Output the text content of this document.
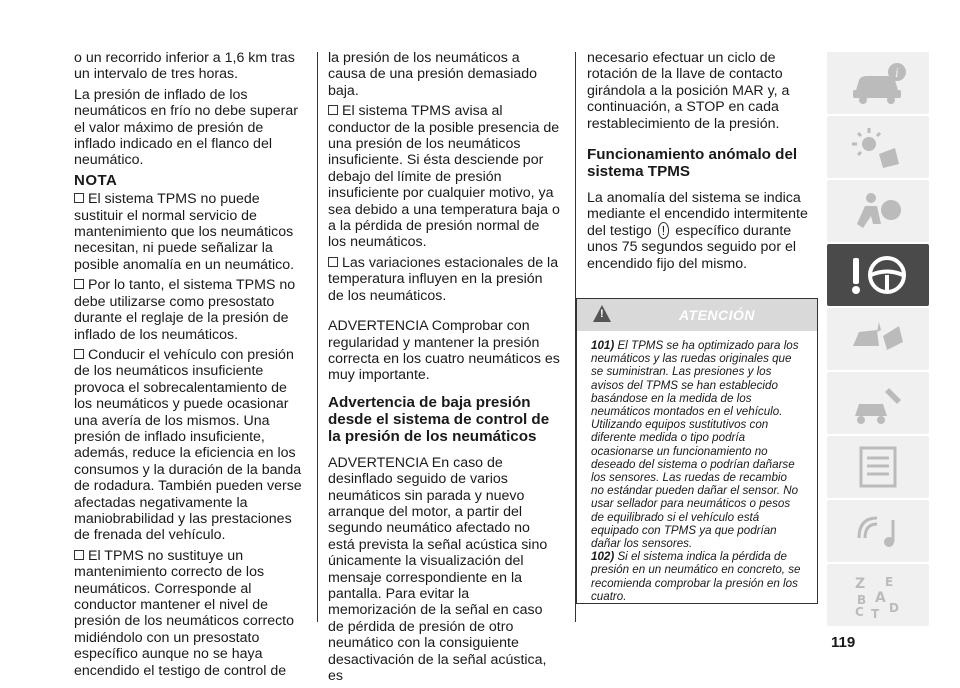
o un recorrido inferior a 1,6 km tras un intervalo de tres horas.

La presión de inflado de los neumáticos en frío no debe superar el valor máximo de presión de inflado indicado en el flanco del neumático.

NOTA

El sistema TPMS no puede sustituir el normal servicio de mantenimiento que los neumáticos necesitan, ni puede señalizar la posible anomalía en un neumático.

Por lo tanto, el sistema TPMS no debe utilizarse como presostato durante el reglaje de la presión de inflado de los neumáticos.

Conducir el vehículo con presión de los neumáticos insuficiente provoca el sobrecalentamiento de los neumáticos y puede ocasionar una avería de los mismos. Una presión de inflado insuficiente, además, reduce la eficiencia en los consumos y la duración de la banda de rodadura. También pueden verse afectadas negativamente la maniobrabilidad y las prestaciones de frenada del vehículo.

El TPMS no sustituye un mantenimiento correcto de los neumáticos. Corresponde al conductor mantener el nivel de presión de los neumáticos correcto midiéndolo con un presostato específico aunque no se haya encendido el testigo de control de

la presión de los neumáticos a causa de una presión demasiado baja.

El sistema TPMS avisa al conductor de la posible presencia de una presión de los neumáticos insuficiente. Si ésta desciende por debajo del límite de presión insuficiente por cualquier motivo, ya sea debido a una temperatura baja o a la pérdida de presión normal de los neumáticos.

Las variaciones estacionales de la temperatura influyen en la presión de los neumáticos.

ADVERTENCIA Comprobar con regularidad y mantener la presión correcta en los cuatro neumáticos es muy importante.

Advertencia de baja presión desde el sistema de control de la presión de los neumáticos

ADVERTENCIA En caso de desinflado seguido de varios neumáticos sin parada y nuevo arranque del motor, a partir del segundo neumático afectado no está prevista la señal acústica sino únicamente la visualización del mensaje correspondiente en la pantalla. Para evitar la memorización de la señal en caso de pérdida de presión de otro neumático con la consiguiente desactivación de la señal acústica, es

necesario efectuar un ciclo de rotación de la llave de contacto girándola a la posición MAR y, a continuación, a STOP en cada restablecimiento de la presión.

Funcionamiento anómalo del sistema TPMS

La anomalía del sistema se indica mediante el encendido intermitente del testigo ! específico durante unos 75 segundos seguido por el encendido fijo del mismo.

!	ATENCIÓN

101) El TPMS se ha optimizado para los neumáticos y las ruedas originales que se suministran. Las presiones y los avisos del TPMS se han establecido basándose en la medida de los neumáticos montados en el vehículo. Utilizando equipos sustitutivos con diferente medida o tipo podría ocasionarse un funcionamiento no deseado del sistema o podrían dañarse los sensores. Las ruedas de recambio no estándar pueden dañar el sensor. No usar sellador para neumáticos o pesos de equilibrado si el vehículo está equipado con TPMS ya que podrían dañar los sensores.

102) Si el sistema indica la pérdida de presión en un neumático en concreto, se recomienda comprobar la presión en los cuatro.

i
Z E
B A
C T D
119
